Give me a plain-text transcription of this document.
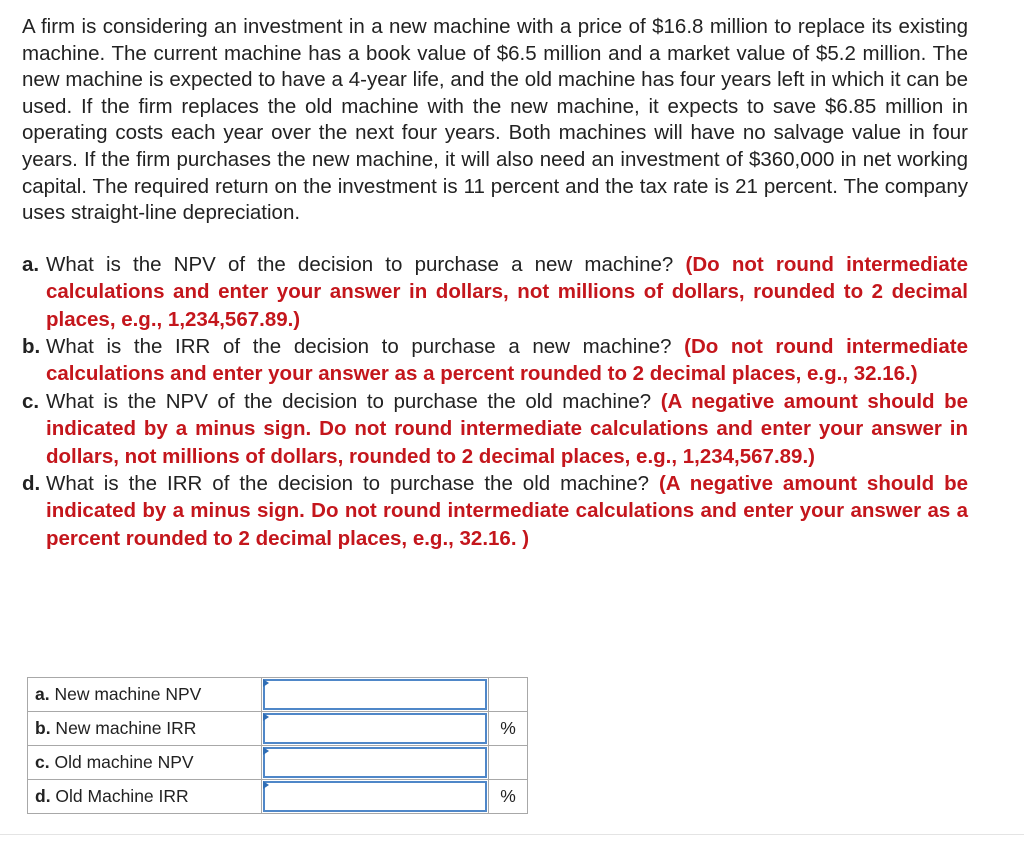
A firm is considering an investment in a new machine with a price of $16.8 million to replace its existing machine. The current machine has a book value of $6.5 million and a market value of $5.2 million. The new machine is expected to have a 4-year life, and the old machine has four years left in which it can be used. If the firm replaces the old machine with the new machine, it expects to save $6.85 million in operating costs each year over the next four years. Both machines will have no salvage value in four years. If the firm purchases the new machine, it will also need an investment of $360,000 in net working capital. The required return on the investment is 11 percent and the tax rate is 21 percent. The company uses straight-line depreciation.

a. What is the NPV of the decision to purchase a new machine? (Do not round intermediate calculations and enter your answer in dollars, not millions of dollars, rounded to 2 decimal places, e.g., 1,234,567.89.)
b. What is the IRR of the decision to purchase a new machine? (Do not round intermediate calculations and enter your answer as a percent rounded to 2 decimal places, e.g., 32.16.)
c. What is the NPV of the decision to purchase the old machine? (A negative amount should be indicated by a minus sign. Do not round intermediate calculations and enter your answer in dollars, not millions of dollars, rounded to 2 decimal places, e.g., 1,234,567.89.)
d. What is the IRR of the decision to purchase the old machine? (A negative amount should be indicated by a minus sign. Do not round intermediate calculations and enter your answer as a percent rounded to 2 decimal places, e.g., 32.16. )
a. New machine NPV	

b. New machine IRR		%
c. Old machine NPV	

d. Old Machine IRR		%
